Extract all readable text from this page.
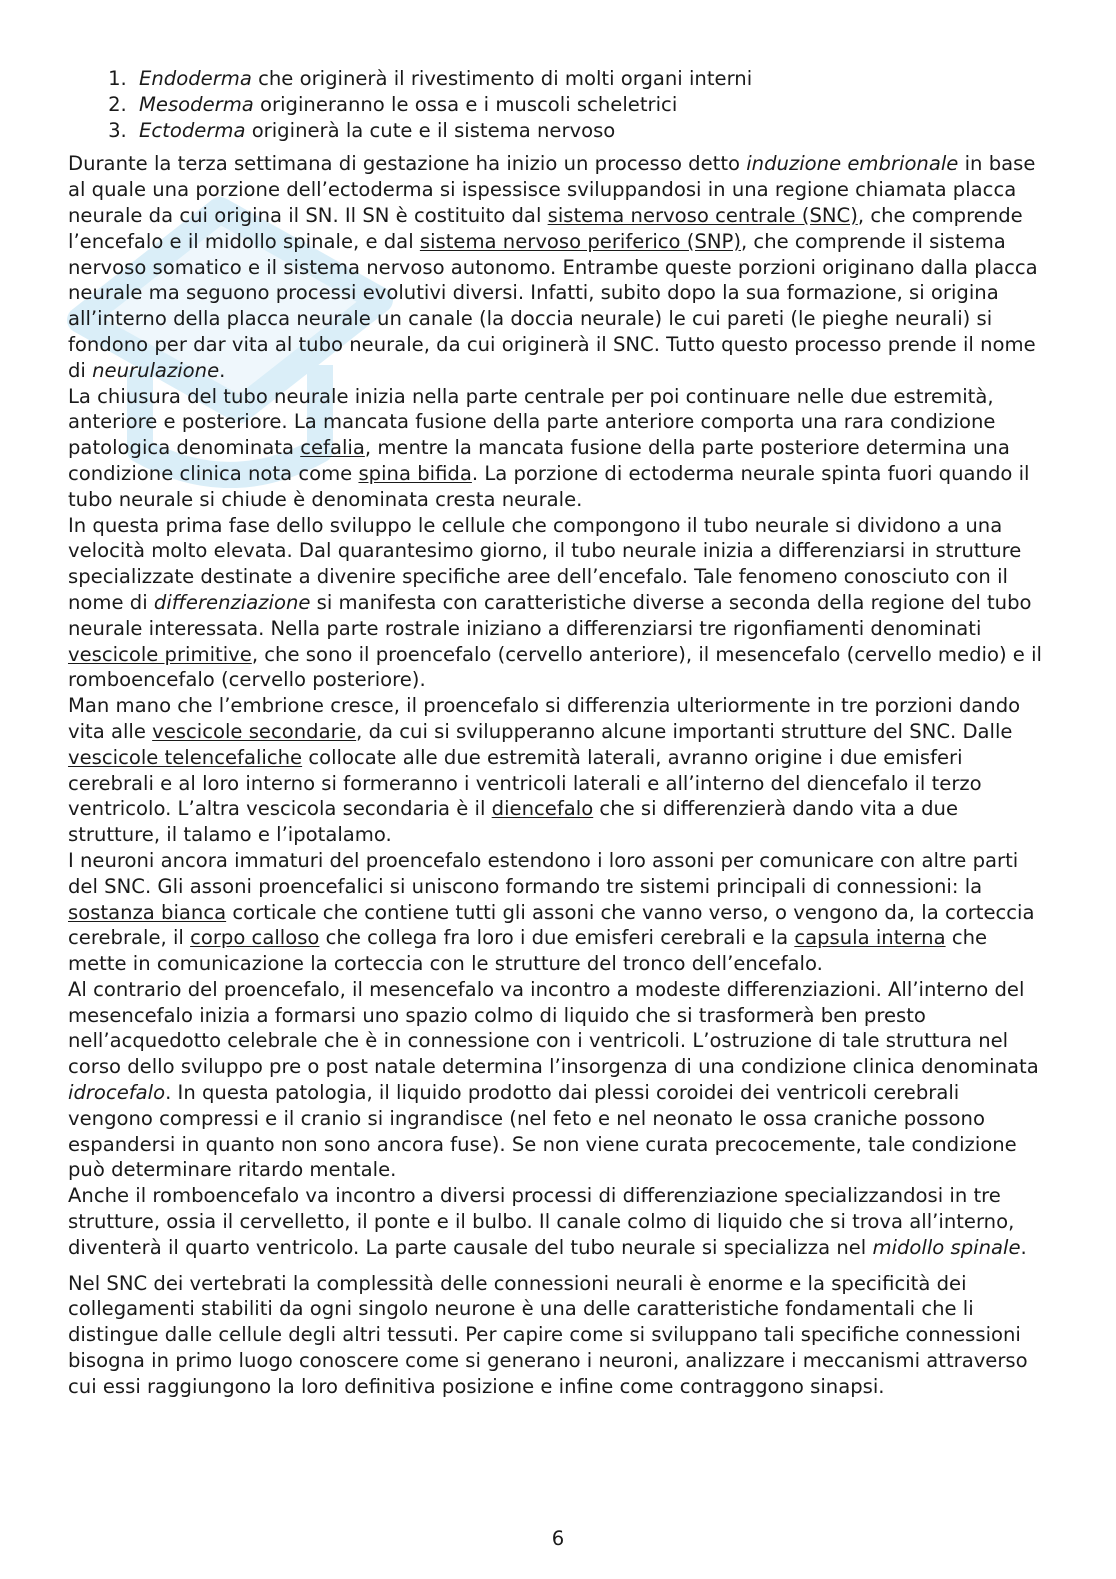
1. Endoderma che originerà il rivestimento di molti organi interni
2. Mesoderma origineranno le ossa e i muscoli scheletrici
3. Ectoderma originerà la cute e il sistema nervoso

Durante la terza settimana di gestazione ha inizio un processo detto induzione embrionale in base al quale una porzione dell’ectoderma si ispessisce sviluppandosi in una regione chiamata placca neurale da cui origina il SN. Il SN è costituito dal sistema nervoso centrale (SNC), che comprende l’encefalo e il midollo spinale, e dal sistema nervoso periferico (SNP), che comprende il sistema nervoso somatico e il sistema nervoso autonomo. Entrambe queste porzioni originano dalla placca neurale ma seguono processi evolutivi diversi. Infatti, subito dopo la sua formazione, si origina all’interno della placca neurale un canale (la doccia neurale) le cui pareti (le pieghe neurali) si fondono per dar vita al tubo neurale, da cui originerà il SNC. Tutto questo processo prende il nome di neurulazione.

La chiusura del tubo neurale inizia nella parte centrale per poi continuare nelle due estremità, anteriore e posteriore. La mancata fusione della parte anteriore comporta una rara condizione patologica denominata cefalia, mentre la mancata fusione della parte posteriore determina una condizione clinica nota come spina bifida. La porzione di ectoderma neurale spinta fuori quando il tubo neurale si chiude è denominata cresta neurale.

In questa prima fase dello sviluppo le cellule che compongono il tubo neurale si dividono a una velocità molto elevata. Dal quarantesimo giorno, il tubo neurale inizia a differenziarsi in strutture specializzate destinate a divenire specifiche aree dell’encefalo. Tale fenomeno conosciuto con il nome di differenziazione si manifesta con caratteristiche diverse a seconda della regione del tubo neurale interessata. Nella parte rostrale iniziano a differenziarsi tre rigonfiamenti denominati vescicole primitive, che sono il proencefalo (cervello anteriore), il mesencefalo (cervello medio) e il romboencefalo (cervello posteriore).

Man mano che l’embrione cresce, il proencefalo si differenzia ulteriormente in tre porzioni dando vita alle vescicole secondarie, da cui si svilupperanno alcune importanti strutture del SNC. Dalle vescicole telencefaliche collocate alle due estremità laterali, avranno origine i due emisferi cerebrali e al loro interno si formeranno i ventricoli laterali e all’interno del diencefalo il terzo ventricolo. L’altra vescicola secondaria è il diencefalo che si differenzierà dando vita a due strutture, il talamo e l’ipotalamo.

I neuroni ancora immaturi del proencefalo estendono i loro assoni per comunicare con altre parti del SNC. Gli assoni proencefalici si uniscono formando tre sistemi principali di connessioni: la sostanza bianca corticale che contiene tutti gli assoni che vanno verso, o vengono da, la corteccia cerebrale, il corpo calloso che collega fra loro i due emisferi cerebrali e la capsula interna che mette in comunicazione la corteccia con le strutture del tronco dell’encefalo.

Al contrario del proencefalo, il mesencefalo va incontro a modeste differenziazioni. All’interno del mesencefalo inizia a formarsi uno spazio colmo di liquido che si trasformerà ben presto nell’acquedotto celebrale che è in connessione con i ventricoli. L’ostruzione di tale struttura nel corso dello sviluppo pre o post natale determina l’insorgenza di una condizione clinica denominata idrocefalo. In questa patologia, il liquido prodotto dai plessi coroidei dei ventricoli cerebrali vengono compressi e il cranio si ingrandisce (nel feto e nel neonato le ossa craniche possono espandersi in quanto non sono ancora fuse). Se non viene curata precocemente, tale condizione può determinare ritardo mentale.

Anche il romboencefalo va incontro a diversi processi di differenziazione specializzandosi in tre strutture, ossia il cervelletto, il ponte e il bulbo. Il canale colmo di liquido che si trova all’interno, diventerà il quarto ventricolo. La parte causale del tubo neurale si specializza nel midollo spinale.

Nel SNC dei vertebrati la complessità delle connessioni neurali è enorme e la specificità dei collegamenti stabiliti da ogni singolo neurone è una delle caratteristiche fondamentali che li distingue dalle cellule degli altri tessuti. Per capire come si sviluppano tali specifiche connessioni bisogna in primo luogo conoscere come si generano i neuroni, analizzare i meccanismi attraverso cui essi raggiungono la loro definitiva posizione e infine come contraggono sinapsi.

6
